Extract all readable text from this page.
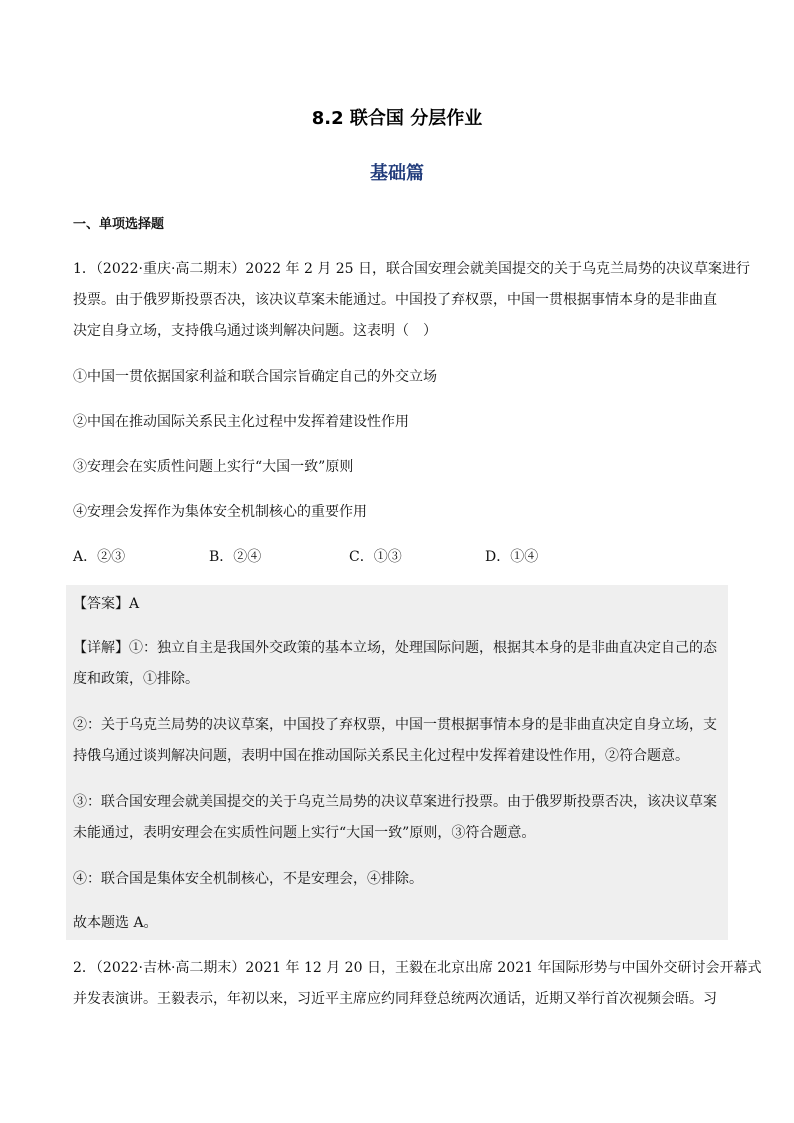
8.2 联合国 分层作业
基础篇
一、单项选择题
1．（2022·重庆·高二期末）2022 年 2 月 25 日，联合国安理会就美国提交的关于乌克兰局势的决议草案进行
投票。由于俄罗斯投票否决，该决议草案未能通过。中国投了弃权票，中国一贯根据事情本身的是非曲直
决定自身立场，支持俄乌通过谈判解决问题。这表明（　）
①中国一贯依据国家利益和联合国宗旨确定自己的外交立场
②中国在推动国际关系民主化过程中发挥着建设性作用
③安理会在实质性问题上实行“大国一致”原则
④安理会发挥作为集体安全机制核心的重要作用
A．②③	B．②④	C．①③	D．①④
【答案】A
【详解】①：独立自主是我国外交政策的基本立场，处理国际问题，根据其本身的是非曲直决定自己的态
度和政策，①排除。
②：关于乌克兰局势的决议草案，中国投了弃权票，中国一贯根据事情本身的是非曲直决定自身立场，支
持俄乌通过谈判解决问题，表明中国在推动国际关系民主化过程中发挥着建设性作用，②符合题意。
③：联合国安理会就美国提交的关于乌克兰局势的决议草案进行投票。由于俄罗斯投票否决，该决议草案
未能通过，表明安理会在实质性问题上实行“大国一致”原则，③符合题意。
④：联合国是集体安全机制核心，不是安理会，④排除。
故本题选 A。
2．（2022·吉林·高二期末）2021 年 12 月 20 日，王毅在北京出席 2021 年国际形势与中国外交研讨会开幕式
并发表演讲。王毅表示，年初以来，习近平主席应约同拜登总统两次通话，近期又举行首次视频会晤。习
